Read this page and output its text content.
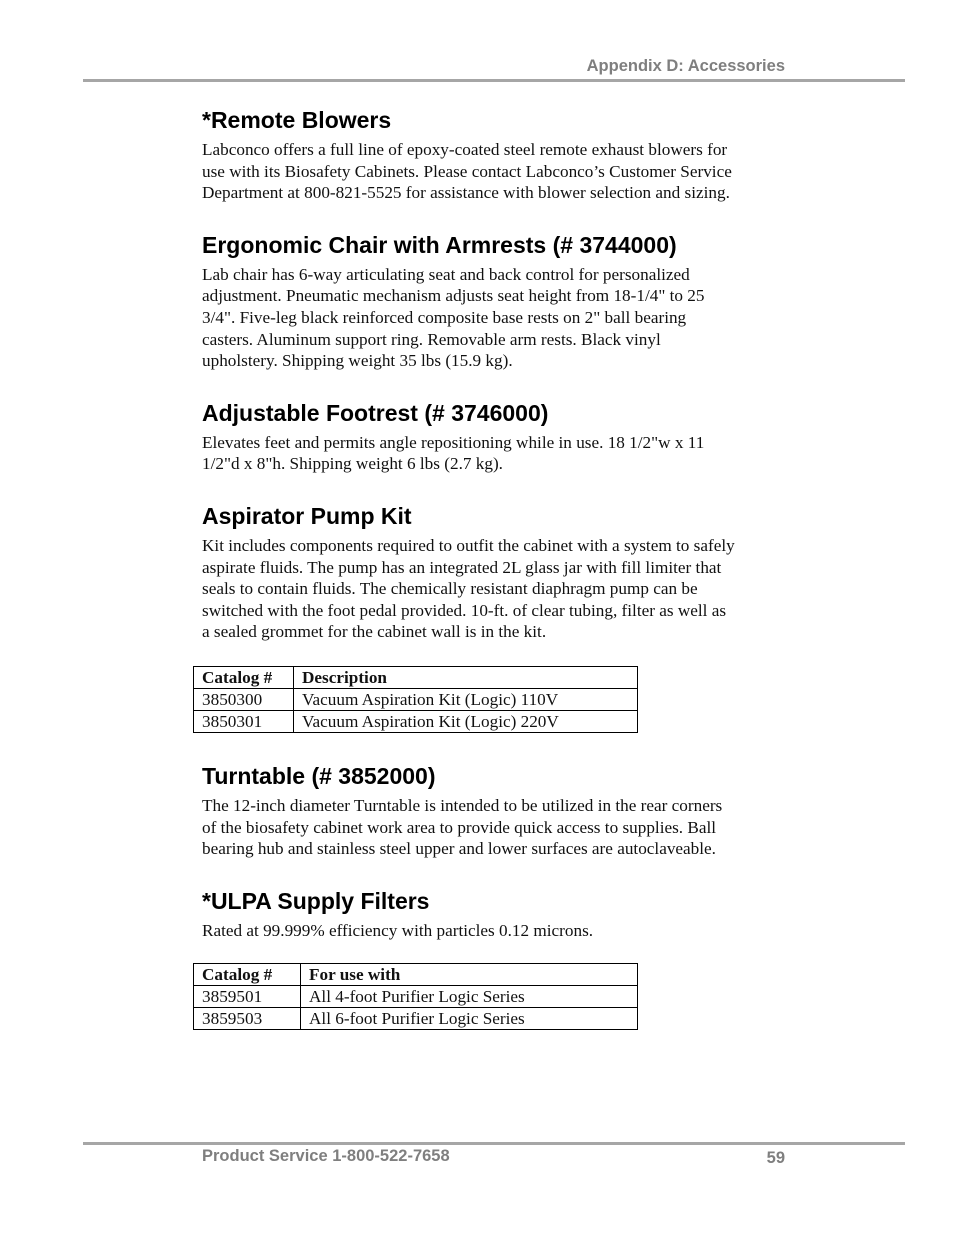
Appendix D: Accessories
*Remote Blowers

Labconco offers a full line of epoxy-coated steel remote exhaust blowers for
use with its Biosafety Cabinets. Please contact Labconco’s Customer Service
Department at 800-821-5525 for assistance with blower selection and sizing.

Ergonomic Chair with Armrests (# 3744000)

Lab chair has 6-way articulating seat and back control for personalized
adjustment. Pneumatic mechanism adjusts seat height from 18-1/4" to 25
3/4". Five-leg black reinforced composite base rests on 2" ball bearing
casters. Aluminum support ring. Removable arm rests. Black vinyl
upholstery. Shipping weight 35 lbs (15.9 kg).

Adjustable Footrest (# 3746000)

Elevates feet and permits angle repositioning while in use. 18 1/2"w x 11
1/2"d x 8"h. Shipping weight 6 lbs (2.7 kg).

Aspirator Pump Kit

Kit includes components required to outfit the cabinet with a system to safely
aspirate fluids. The pump has an integrated 2L glass jar with fill limiter that
seals to contain fluids. The chemically resistant diaphragm pump can be
switched with the foot pedal provided. 10-ft. of clear tubing, filter as well as
a sealed grommet for the cabinet wall is in the kit.

Catalog #	Description
3850300	Vacuum Aspiration Kit (Logic) 110V
3850301	Vacuum Aspiration Kit (Logic) 220V
Turntable (# 3852000)

The 12-inch diameter Turntable is intended to be utilized in the rear corners
of the biosafety cabinet work area to provide quick access to supplies. Ball
bearing hub and stainless steel upper and lower surfaces are autoclaveable.

*ULPA Supply Filters

Rated at 99.999% efficiency with particles 0.12 microns.

Catalog #	For use with
3859501	All 4-foot Purifier Logic Series
3859503	All 6-foot Purifier Logic Series
Product Service 1-800-522-7658	59
